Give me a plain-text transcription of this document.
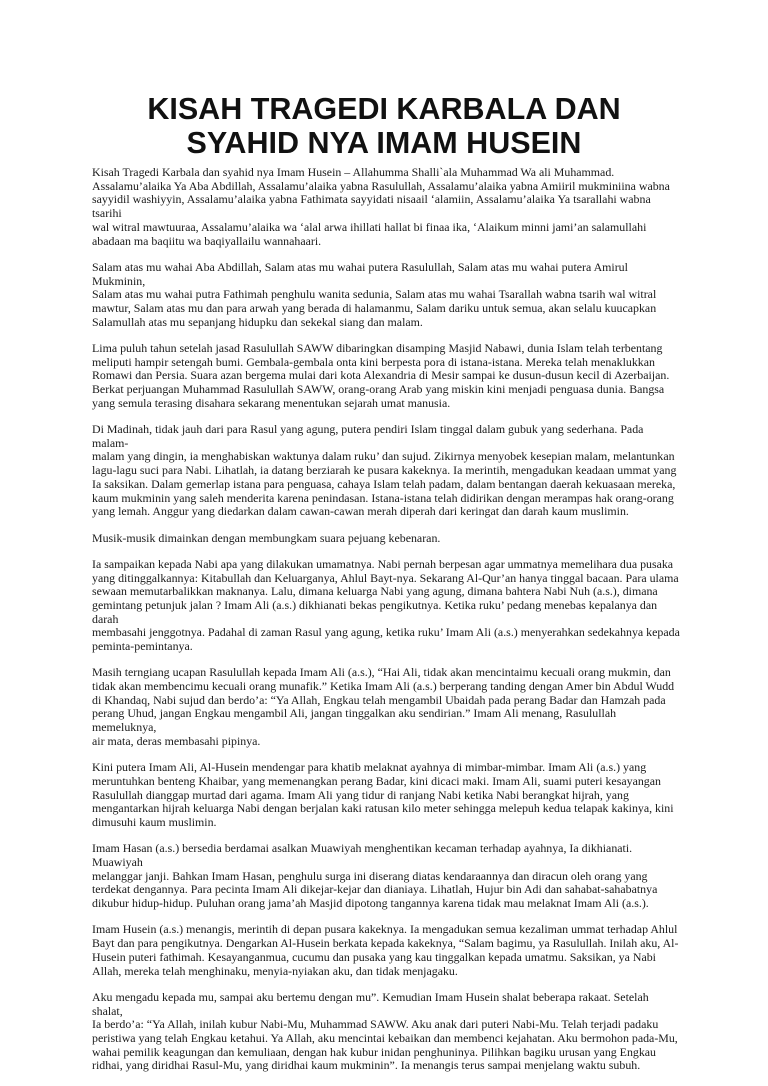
KISAH TRAGEDI KARBALA DAN
SYAHID NYA IMAM HUSEIN

Kisah Tragedi Karbala dan syahid nya Imam Husein – Allahumma Shalli`ala Muhammad Wa ali Muhammad.
Assalamu’alaika Ya Aba Abdillah, Assalamu’alaika yabna Rasulullah, Assalamu’alaika yabna Amiiril mukminiina wabna
sayyidil washiyyin, Assalamu’alaika yabna Fathimata sayyidati nisaail ‘alamiin, Assalamu’alaika Ya tsarallahi wabna tsarihi
wal witral mawtuuraa, Assalamu’alaika wa ‘alal arwa ihillati hallat bi finaa ika, ‘Alaikum minni jami’an salamullahi
abadaan ma baqiitu wa baqiyallailu wannahaari.

Salam atas mu wahai Aba Abdillah, Salam atas mu wahai putera Rasulullah, Salam atas mu wahai putera Amirul Mukminin,
Salam atas mu wahai putra Fathimah penghulu wanita sedunia, Salam atas mu wahai Tsarallah wabna tsarih wal witral
mawtur, Salam atas mu dan para arwah yang berada di halamanmu, Salam dariku untuk semua, akan selalu kuucapkan
Salamullah atas mu sepanjang hidupku dan sekekal siang dan malam.

Lima puluh tahun setelah jasad Rasulullah SAWW dibaringkan disamping Masjid Nabawi, dunia Islam telah terbentang
meliputi hampir setengah bumi. Gembala-gembala onta kini berpesta pora di istana-istana. Mereka telah menaklukkan
Romawi dan Persia. Suara azan bergema mulai dari kota Alexandria di Mesir sampai ke dusun-dusun kecil di Azerbaijan.
Berkat perjuangan Muhammad Rasulullah SAWW, orang-orang Arab yang miskin kini menjadi penguasa dunia. Bangsa
yang semula terasing disahara sekarang menentukan sejarah umat manusia.

Di Madinah, tidak jauh dari para Rasul yang agung, putera pendiri Islam tinggal dalam gubuk yang sederhana. Pada malam-
malam yang dingin, ia menghabiskan waktunya dalam ruku’ dan sujud. Zikirnya menyobek kesepian malam, melantunkan
lagu-lagu suci para Nabi. Lihatlah, ia datang berziarah ke pusara kakeknya. Ia merintih, mengadukan keadaan ummat yang
Ia saksikan. Dalam gemerlap istana para penguasa, cahaya Islam telah padam, dalam bentangan daerah kekuasaan mereka,
kaum mukminin yang saleh menderita karena penindasan. Istana-istana telah didirikan dengan merampas hak orang-orang
yang lemah. Anggur yang diedarkan dalam cawan-cawan merah diperah dari keringat dan darah kaum muslimin.

Musik-musik dimainkan dengan membungkam suara pejuang kebenaran.

Ia sampaikan kepada Nabi apa yang dilakukan umamatnya. Nabi pernah berpesan agar ummatnya memelihara dua pusaka
yang ditinggalkannya: Kitabullah dan Keluarganya, Ahlul Bayt-nya. Sekarang Al-Qur’an hanya tinggal bacaan. Para ulama
sewaan memutarbalikkan maknanya. Lalu, dimana keluarga Nabi yang agung, dimana bahtera Nabi Nuh (a.s.), dimana
gemintang petunjuk jalan ? Imam Ali (a.s.) dikhianati bekas pengikutnya. Ketika ruku’ pedang menebas kepalanya dan darah
membasahi jenggotnya. Padahal di zaman Rasul yang agung, ketika ruku’ Imam Ali (a.s.) menyerahkan sedekahnya kepada
peminta-pemintanya.

Masih terngiang ucapan Rasulullah kepada Imam Ali (a.s.), “Hai Ali, tidak akan mencintaimu kecuali orang mukmin, dan
tidak akan membencimu kecuali orang munafik.” Ketika Imam Ali (a.s.) berperang tanding dengan Amer bin Abdul Wudd
di Khandaq, Nabi sujud dan berdo’a: “Ya Allah, Engkau telah mengambil Ubaidah pada perang Badar dan Hamzah pada
perang Uhud, jangan Engkau mengambil Ali, jangan tinggalkan aku sendirian.” Imam Ali menang, Rasulullah memeluknya,
air mata, deras membasahi pipinya.

Kini putera Imam Ali, Al-Husein mendengar para khatib melaknat ayahnya di mimbar-mimbar. Imam Ali (a.s.) yang
meruntuhkan benteng Khaibar, yang memenangkan perang Badar, kini dicaci maki. Imam Ali, suami puteri kesayangan
Rasulullah dianggap murtad dari agama. Imam Ali yang tidur di ranjang Nabi ketika Nabi berangkat hijrah, yang
mengantarkan hijrah keluarga Nabi dengan berjalan kaki ratusan kilo meter sehingga melepuh kedua telapak kakinya, kini
dimusuhi kaum muslimin.

Imam Hasan (a.s.) bersedia berdamai asalkan Muawiyah menghentikan kecaman terhadap ayahnya, Ia dikhianati. Muawiyah
melanggar janji. Bahkan Imam Hasan, penghulu surga ini diserang diatas kendaraannya dan diracun oleh orang yang
terdekat dengannya. Para pecinta Imam Ali dikejar-kejar dan dianiaya. Lihatlah, Hujur bin Adi dan sahabat-sahabatnya
dikubur hidup-hidup. Puluhan orang jama’ah Masjid dipotong tangannya karena tidak mau melaknat Imam Ali (a.s.).

Imam Husein (a.s.) menangis, merintih di depan pusara kakeknya. Ia mengadukan semua kezaliman ummat terhadap Ahlul
Bayt dan para pengikutnya. Dengarkan Al-Husein berkata kepada kakeknya, “Salam bagimu, ya Rasulullah. Inilah aku, Al-
Husein puteri fathimah. Kesayanganmua, cucumu dan pusaka yang kau tinggalkan kepada umatmu. Saksikan, ya Nabi
Allah, mereka telah menghinaku, menyia-nyiakan aku, dan tidak menjagaku.

Aku mengadu kepada mu, sampai aku bertemu dengan mu”. Kemudian Imam Husein shalat beberapa rakaat. Setelah shalat,
Ia berdo’a: “Ya Allah, inilah kubur Nabi-Mu, Muhammad SAWW. Aku anak dari puteri Nabi-Mu. Telah terjadi padaku
peristiwa yang telah Engkau ketahui. Ya Allah, aku mencintai kebaikan dan membenci kejahatan. Aku bermohon pada-Mu,
wahai pemilik keagungan dan kemuliaan, dengan hak kubur inidan penghuninya. Pilihkan bagiku urusan yang Engkau
ridhai, yang diridhai Rasul-Mu, yang diridhai kaum mukminin”. Ia menangis terus sampai menjelang waktu subuh.
